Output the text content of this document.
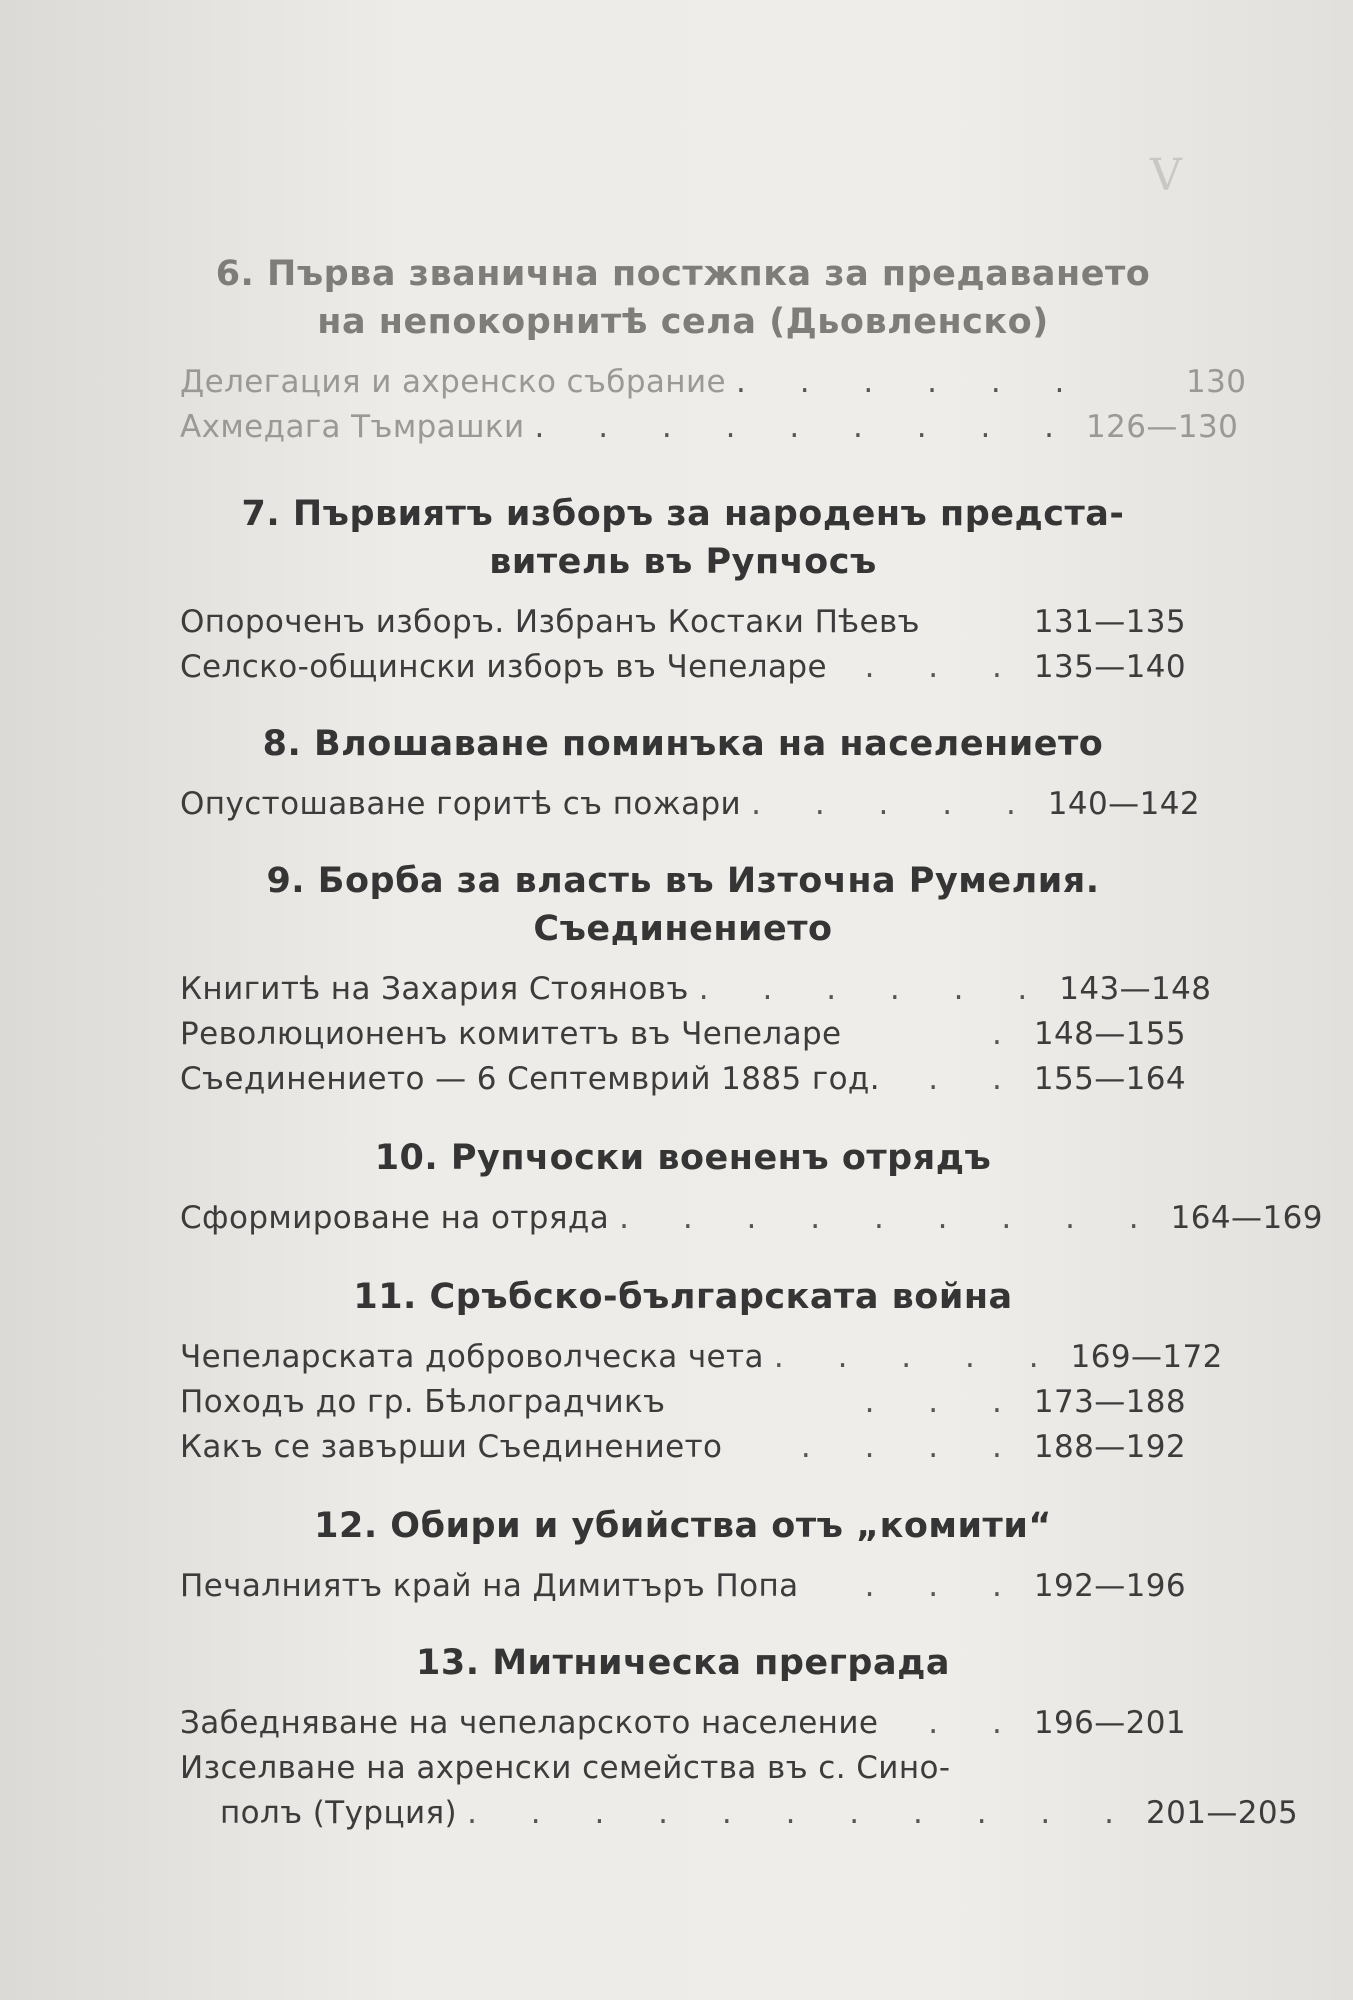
V
6. Първа званична постжпка за предаването
на непокорнитѣ села (Дьовленско)
Делегация и ахренско събрание . . . . . .	130
Ахмедага Тъмрашки . . . . . . . . . 126—130
7. Първиятъ изборъ за народенъ предста-
витель въ Рупчосъ
Опороченъ изборъ. Избранъ Костаки Пѣевъ	131—135
Селско-общински изборъ въ Чепеларе	. . . 135—140
8. Влошаване поминъка на населението
Опустошаване горитѣ съ пожари . . . . . 140—142
9. Борба за власть въ Източна Румелия.
Съединението
Книгитѣ на Захария Стояновъ . . . . . . 143—148
Революционенъ комитетъ въ Чепеларе	. 148—155
Съединението — 6 Септемврий 1885 год.	. . 155—164
10. Рупчоски воененъ отрядъ
Сформироване на отряда . . . . . . . . . 164—169
11. Сръбско-българската война
Чепеларската доброволческа чета . . . . . 169—172
Походъ до гр. Бѣлоградчикъ	. . . 173—188
Какъ се завърши Съединението	. . . . 188—192
12. Обири и убийства отъ „комити“
Печалниятъ край на Димитъръ Попа	. . . 192—196
13. Митническа преграда
Забедняване на чепеларското население	. . 196—201
Изселване на ахренски семейства въ с. Сино-
полъ (Турция) . . . . . . . . . . . 201—205
